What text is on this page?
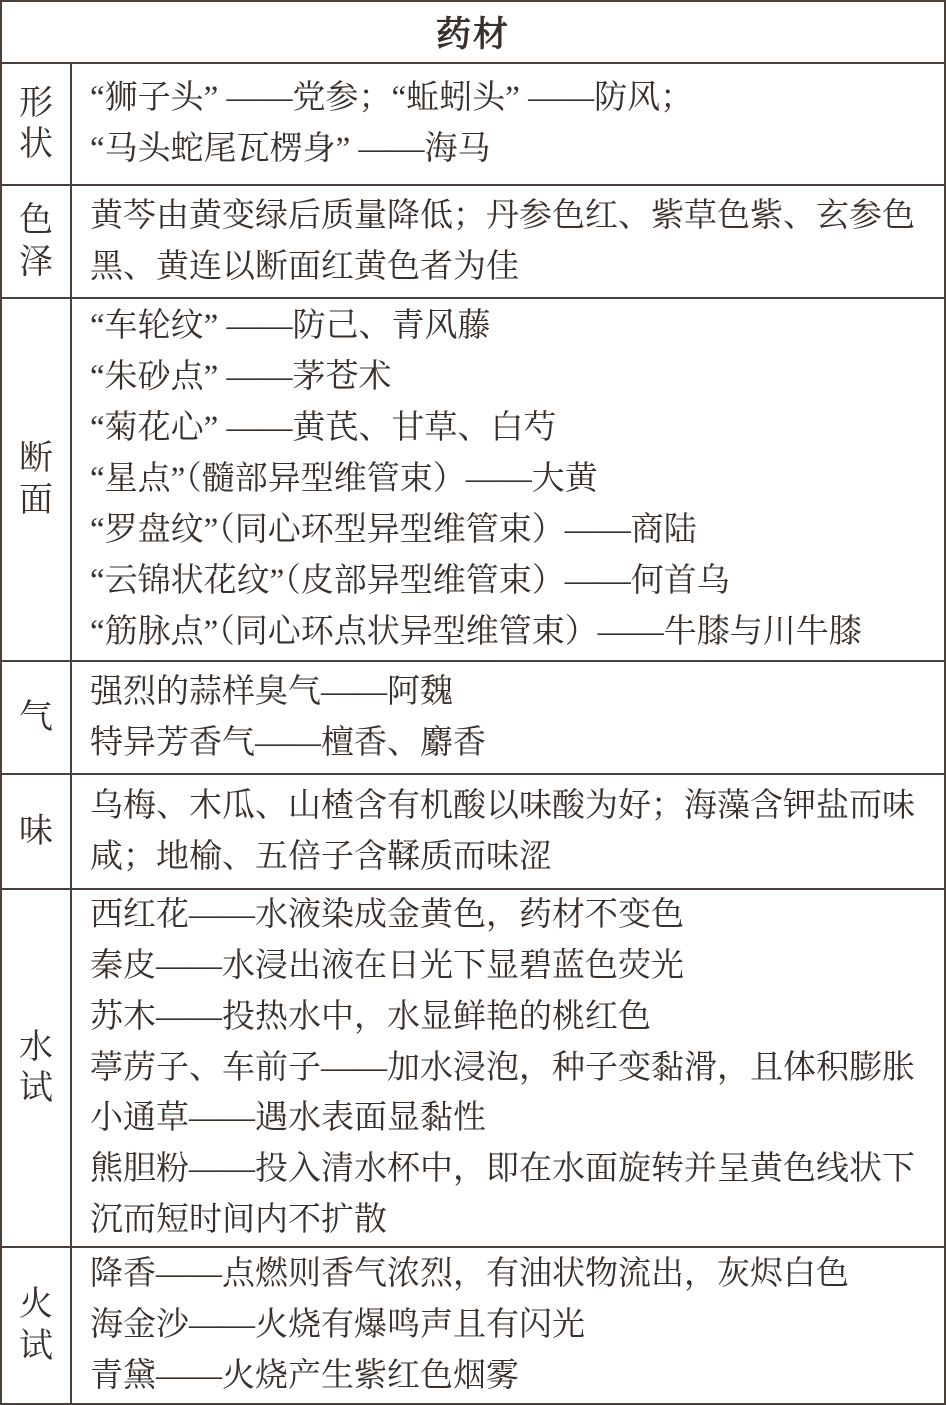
药材
形状
“狮子头” ——党参；“蚯蚓头” ——防风；
“马头蛇尾瓦楞身” ——海马
色泽
黄芩由黄变绿后质量降低；丹参色红、紫草色紫、玄参色
黑、黄连以断面红黄色者为佳
断面
“车轮纹” ——防己、青风藤
“朱砂点” ——茅苍术
“菊花心” ——黄芪、甘草、白芍
“星点”（髓部异型维管束）——大黄
“罗盘纹”（同心环型异型维管束）——商陆
“云锦状花纹”（皮部异型维管束）——何首乌
“筋脉点”（同心环点状异型维管束）——牛膝与川牛膝
气
强烈的蒜样臭气——阿魏
特异芳香气——檀香、麝香
味
乌梅、木瓜、山楂含有机酸以味酸为好；海藻含钾盐而味
咸；地榆、五倍子含鞣质而味涩
水试
西红花——水液染成金黄色，药材不变色
秦皮——水浸出液在日光下显碧蓝色荧光
苏木——投热水中，水显鲜艳的桃红色
葶苈子、车前子——加水浸泡，种子变黏滑，且体积膨胀
小通草——遇水表面显黏性
熊胆粉——投入清水杯中，即在水面旋转并呈黄色线状下
沉而短时间内不扩散
火试
降香——点燃则香气浓烈，有油状物流出，灰烬白色
海金沙——火烧有爆鸣声且有闪光
青黛——火烧产生紫红色烟雾
